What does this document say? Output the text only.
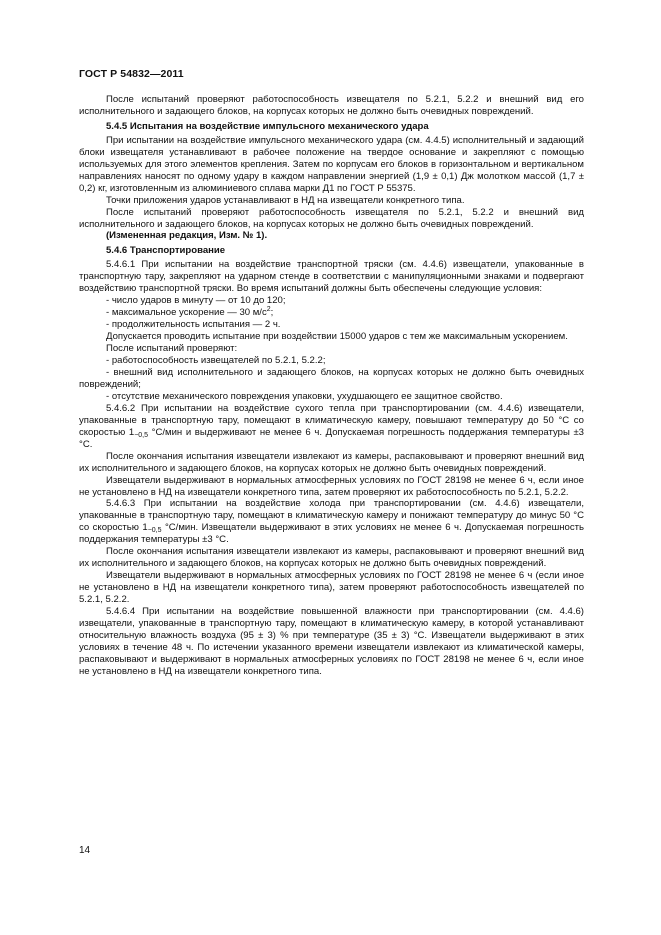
ГОСТ Р 54832—2011

После испытаний проверяют работоспособность извещателя по 5.2.1, 5.2.2 и внешний вид его исполнительного и задающего блоков, на корпусах которых не должно быть очевидных повреждений.

5.4.5 Испытания на воздействие импульсного механического удара

При испытании на воздействие импульсного механического удара (см. 4.4.5) исполнительный и задающий блоки извещателя устанавливают в рабочее положение на твердое основание и закрепляют с помощью используемых для этого элементов крепления. Затем по корпусам его блоков в горизонтальном и вертикальном направлениях наносят по одному удару в каждом направлении энергией (1,9 ± 0,1) Дж молотком массой (1,7 ± 0,2) кг, изготовленным из алюминиевого сплава марки Д1 по ГОСТ Р 55375.

Точки приложения ударов устанавливают в НД на извещатели конкретного типа.

После испытаний проверяют работоспособность извещателя по 5.2.1, 5.2.2 и внешний вид исполнительного и задающего блоков, на корпусах которых не должно быть очевидных повреждений.

(Измененная редакция, Изм. № 1).

5.4.6 Транспортирование

5.4.6.1 При испытании на воздействие транспортной тряски (см. 4.4.6) извещатели, упакованные в транспортную тару, закрепляют на ударном стенде в соответствии с манипуляционными знаками и подвергают воздействию транспортной тряски. Во время испытаний должны быть обеспечены следующие условия:

- число ударов в минуту — от 10 до 120;

- максимальное ускорение — 30 $м/с^2$;

- продолжительность испытания — 2 ч.

Допускается проводить испытание при воздействии 15000 ударов с тем же максимальным ускорением.

После испытаний проверяют:

- работоспособность извещателей по 5.2.1, 5.2.2;

- внешний вид исполнительного и задающего блоков, на корпусах которых не должно быть очевидных повреждений;

- отсутствие механического повреждения упаковки, ухудшающего ее защитное свойство.

5.4.6.2 При испытании на воздействие сухого тепла при транспортировании (см. 4.4.6) извещатели, упакованные в транспортную тару, помещают в климатическую камеру, повышают температуру до 50 °С со скоростью $1_{-0,5}$ °С/мин и выдерживают не менее 6 ч. Допускаемая погрешность поддержания температуры ±3 °С.

После окончания испытания извещатели извлекают из камеры, распаковывают и проверяют внешний вид их исполнительного и задающего блоков, на корпусах которых не должно быть очевидных повреждений.

Извещатели выдерживают в нормальных атмосферных условиях по ГОСТ 28198 не менее 6 ч, если иное не установлено в НД на извещатели конкретного типа, затем проверяют их работоспособность по 5.2.1, 5.2.2.

5.4.6.3 При испытании на воздействие холода при транспортировании (см. 4.4.6) извещатели, упакованные в транспортную тару, помещают в климатическую камеру и понижают температуру до минус 50 °С со скоростью $1_{-0,5}$ °С/мин. Извещатели выдерживают в этих условиях не менее 6 ч. Допускаемая погрешность поддержания температуры ±3 °С.

После окончания испытания извещатели извлекают из камеры, распаковывают и проверяют внешний вид их исполнительного и задающего блоков, на корпусах которых не должно быть очевидных повреждений.

Извещатели выдерживают в нормальных атмосферных условиях по ГОСТ 28198 не менее 6 ч (если иное не установлено в НД на извещатели конкретного типа), затем проверяют работоспособность извещателей по 5.2.1, 5.2.2.

5.4.6.4 При испытании на воздействие повышенной влажности при транспортировании (см. 4.4.6) извещатели, упакованные в транспортную тару, помещают в климатическую камеру, в которой устанавливают относительную влажность воздуха (95 ± 3) % при температуре (35 ± 3) °С. Извещатели выдерживают в этих условиях в течение 48 ч. По истечении указанного времени извещатели извлекают из климатической камеры, распаковывают и выдерживают в нормальных атмосферных условиях по ГОСТ 28198 не менее 6 ч, если иное не установлено в НД на извещатели конкретного типа.

14
